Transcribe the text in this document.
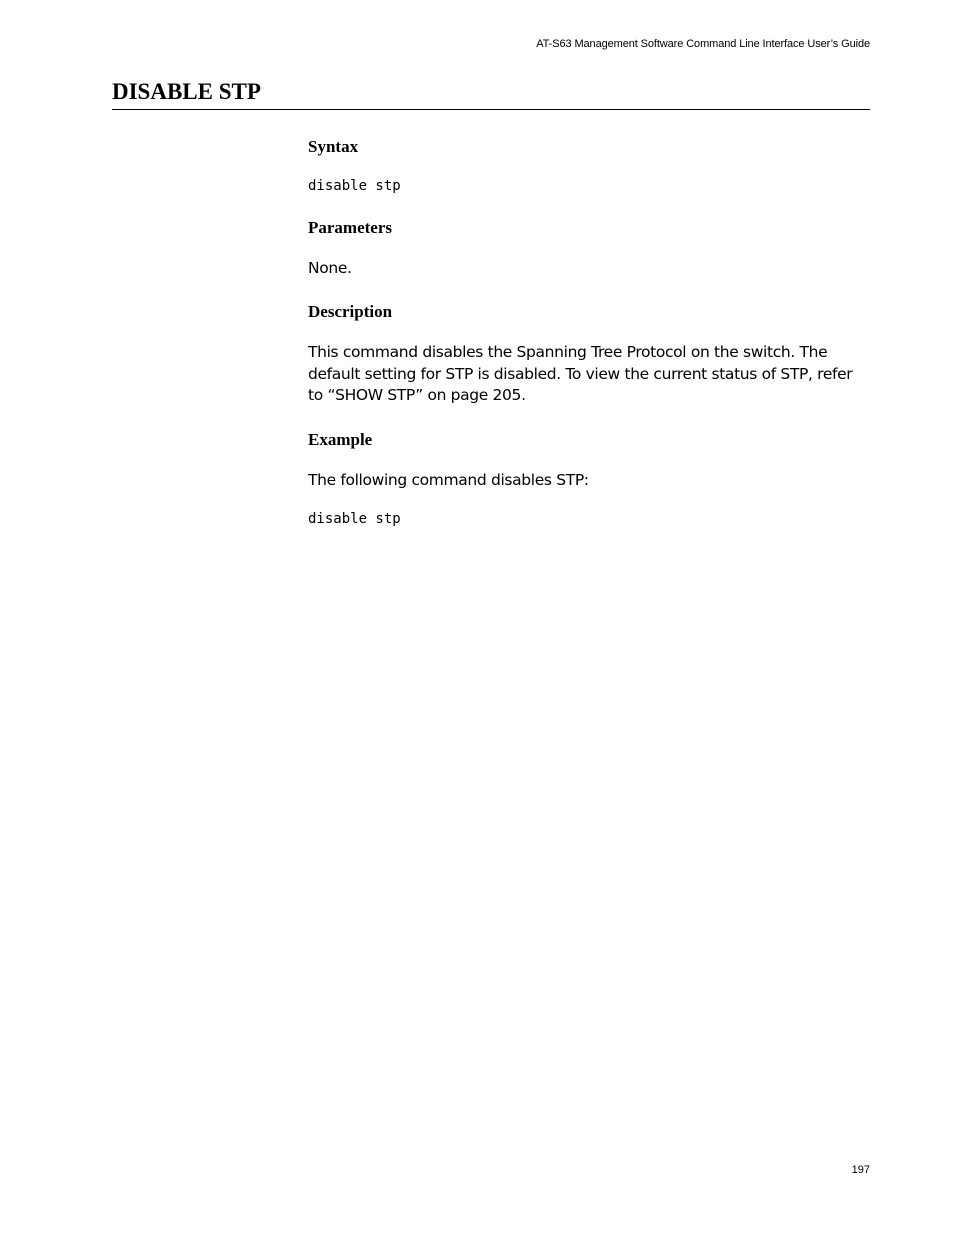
AT-S63 Management Software Command Line Interface User’s Guide
DISABLE STP
Syntax
disable stp
Parameters

None.

Description

This command disables the Spanning Tree Protocol on the switch. The default setting for STP is disabled. To view the current status of STP, refer to “SHOW STP” on page 205.

Example

The following command disables STP:

disable stp
197
